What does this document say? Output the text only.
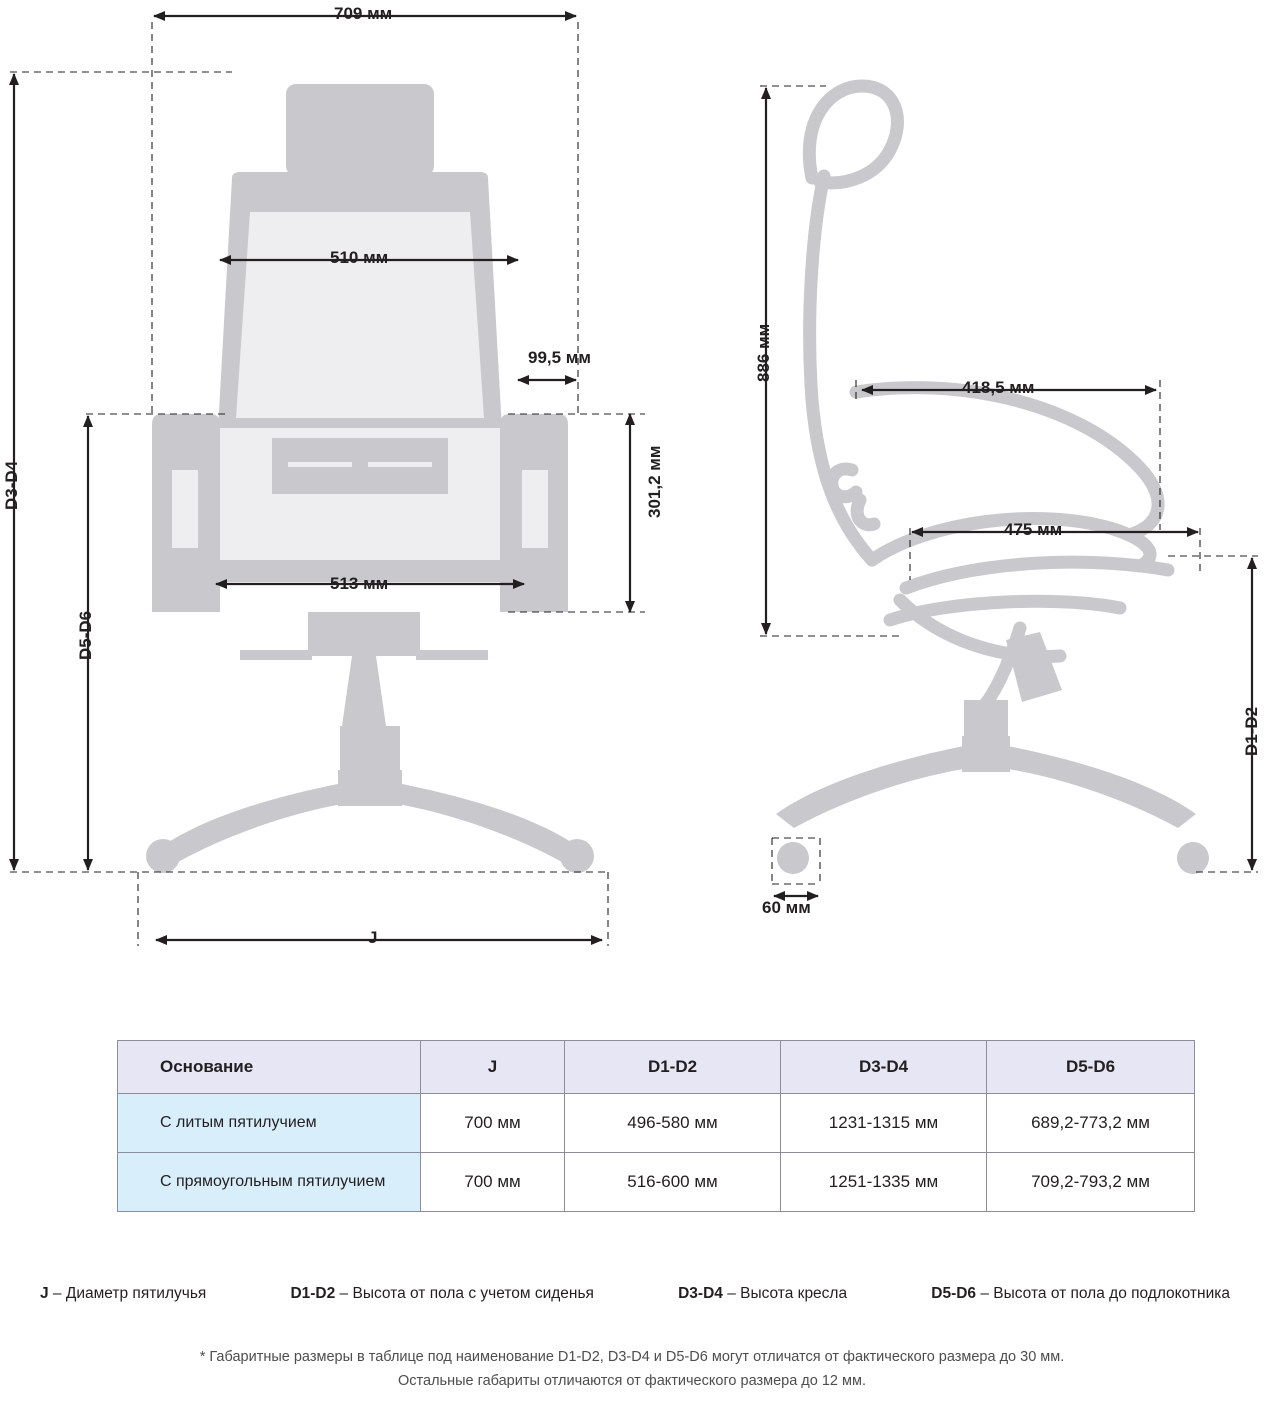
709 мм
510 мм
99,5 мм
301,2 мм
513 мм
D3-D4
D5-D6
J
886 мм
418,5 мм
475 мм
60 мм
D1-D2
Основание	J	D1-D2	D3-D4	D5-D6
С литым пятилучием	700 мм	496-580 мм	1231-1315 мм	689,2-773,2 мм
С прямоугольным пятилучием	700 мм	516-600 мм	1251-1335 мм	709,2-793,2 мм
J – Диаметр пятилучья	D1-D2 – Высота от пола с учетом сиденья	D3-D4 – Высота кресла	D5-D6 – Высота от пола до подлокотника
* Габаритные размеры в таблице под наименование D1-D2, D3-D4 и D5-D6 могут отличатся от фактического размера до 30 мм.
Остальные габариты отличаются от фактического размера до 12 мм.
